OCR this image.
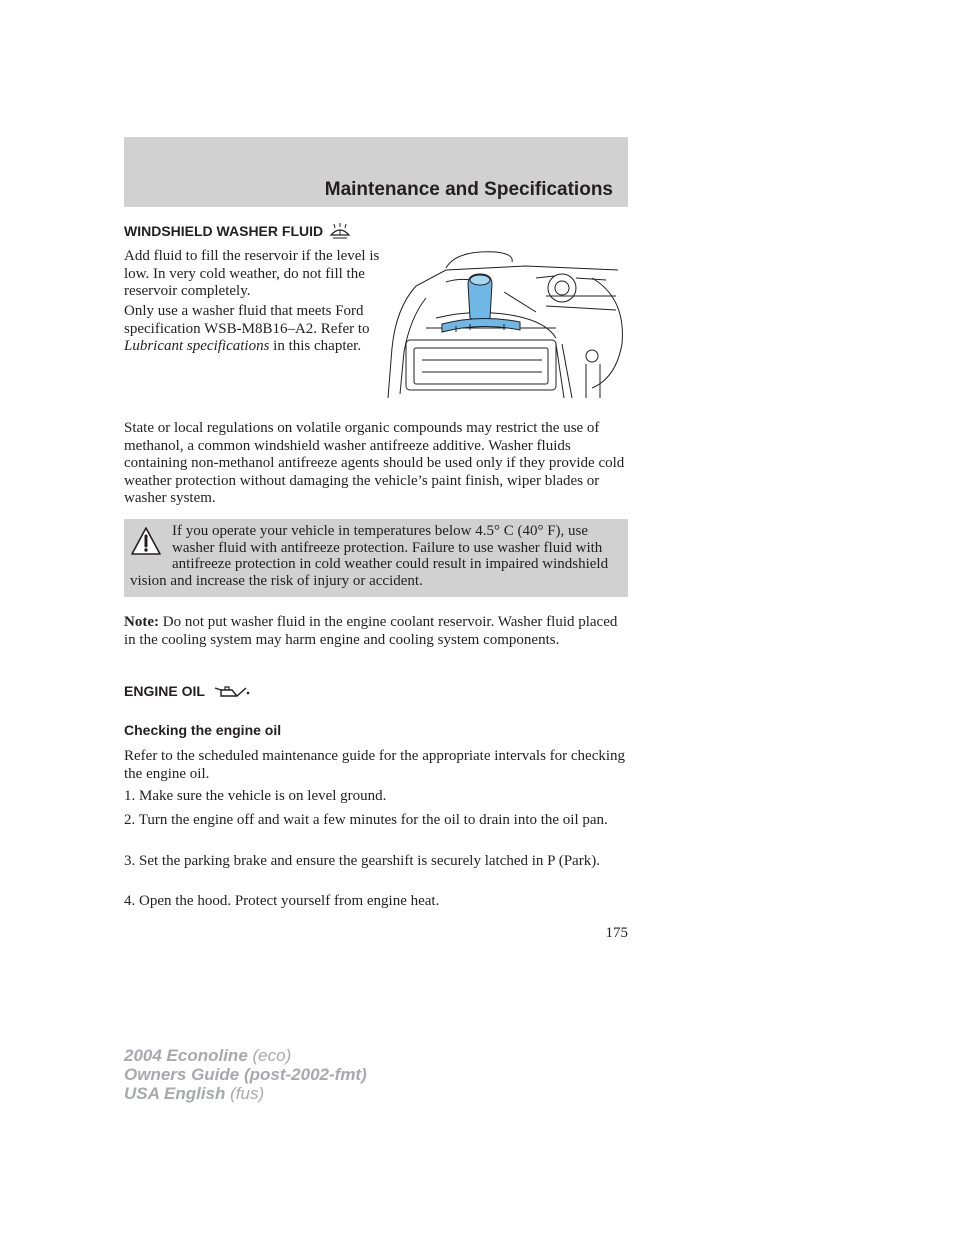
Maintenance and Specifications
WINDSHIELD WASHER FLUID

Add fluid to fill the reservoir if the level is low. In very cold weather, do not fill the reservoir completely.

Only use a washer fluid that meets Ford specification WSB-M8B16–A2. Refer to Lubricant specifications in this chapter.

State or local regulations on volatile organic compounds may restrict the use of methanol, a common windshield washer antifreeze additive. Washer fluids containing non-methanol antifreeze agents should be used only if they provide cold weather protection without damaging the vehicle’s paint finish, wiper blades or washer system.

If you operate your vehicle in temperatures below 4.5° C (40° F), use washer fluid with antifreeze protection. Failure to use washer fluid with antifreeze protection in cold weather could result in impaired windshield vision and increase the risk of injury or accident.

Note: Do not put washer fluid in the engine coolant reservoir. Washer fluid placed in the cooling system may harm engine and cooling system components.

ENGINE OIL
Checking the engine oil

Refer to the scheduled maintenance guide for the appropriate intervals for checking the engine oil.

1. Make sure the vehicle is on level ground.

2. Turn the engine off and wait a few minutes for the oil to drain into the oil pan.

3. Set the parking brake and ensure the gearshift is securely latched in P (Park).

4. Open the hood. Protect yourself from engine heat.

175
2004 Econoline (eco)
Owners Guide (post-2002-fmt)
USA English (fus)
